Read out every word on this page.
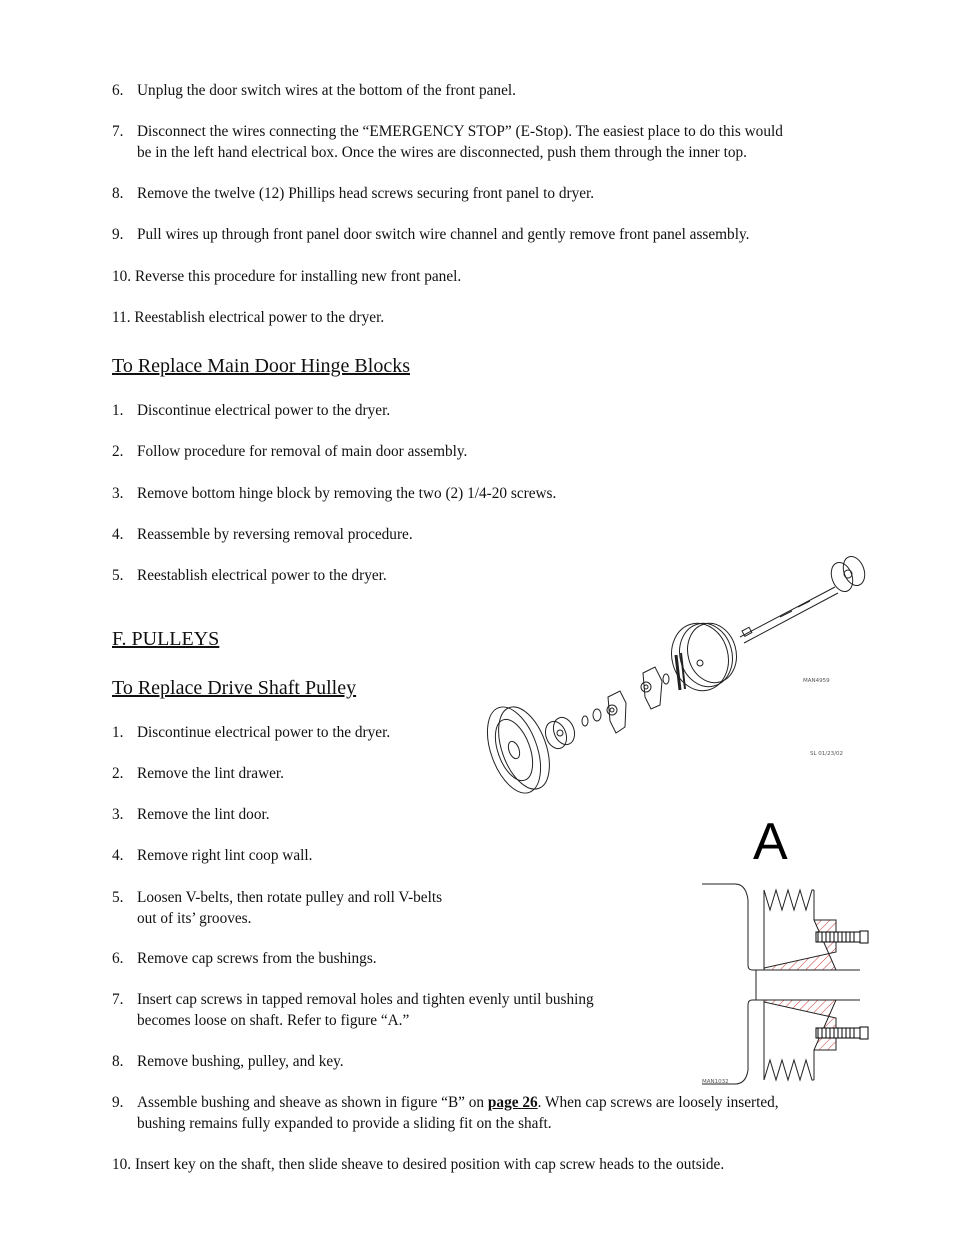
6. Unplug the door switch wires at the bottom of the front panel.

7. Disconnect the wires connecting the “EMERGENCY STOP” (E-Stop). The easiest place to do this would
be in the left hand electrical box. Once the wires are disconnected, push them through the inner top.

8. Remove the twelve (12) Phillips head screws securing front panel to dryer.

9. Pull wires up through front panel door switch wire channel and gently remove front panel assembly.

10. Reverse this procedure for installing new front panel.

11. Reestablish electrical power to the dryer.

To Replace Main Door Hinge Blocks

1. Discontinue electrical power to the dryer.

2. Follow procedure for removal of main door assembly.

3. Remove bottom hinge block by removing the two (2) 1/4-20 screws.

4. Reassemble by reversing removal procedure.

5. Reestablish electrical power to the dryer.

F. PULLEYS
To Replace Drive Shaft Pulley

1. Discontinue electrical power to the dryer.

2. Remove the lint drawer.

3. Remove the lint door.

4. Remove right lint coop wall.

5. Loosen V-belts, then rotate pulley and roll V-belts
out of its’ grooves.

6. Remove cap screws from the bushings.

7. Insert cap screws in tapped removal holes and tighten evenly until bushing
becomes loose on shaft. Refer to figure “A.”

8. Remove bushing, pulley, and key.

9. Assemble bushing and sheave as shown in figure “B” on page 26. When cap screws are loosely inserted,
bushing remains fully expanded to provide a sliding fit on the shaft.

10. Insert key on the shaft, then slide sheave to desired position with cap screw heads to the outside.

MAN4959
SL 01/23/02
A
MAN1032
